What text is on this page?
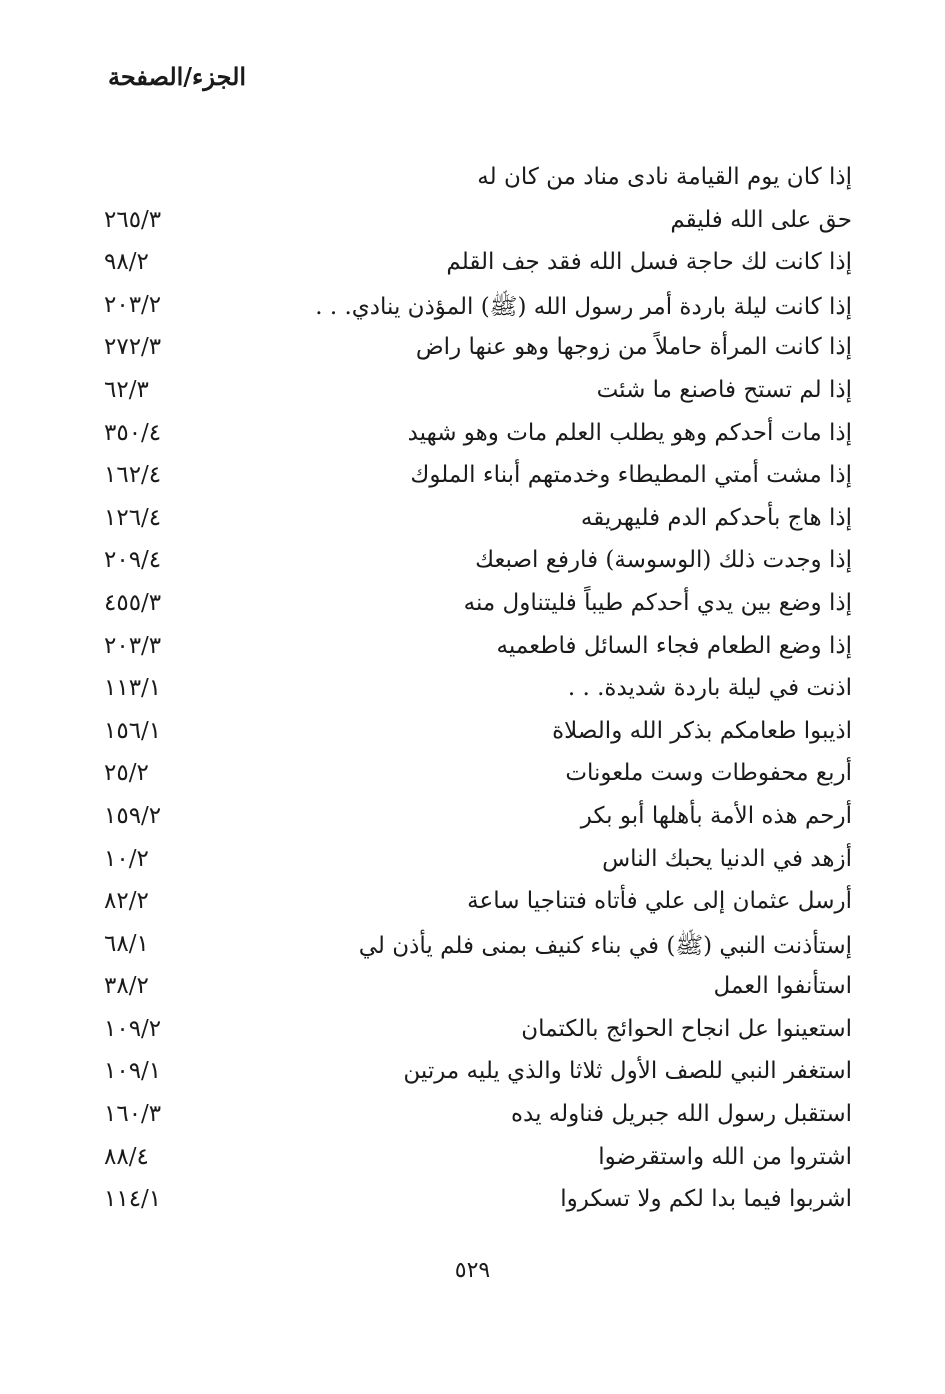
الجزء/الصفحة
إذا كان يوم القيامة نادى مناد من كان له
حق على الله فليقم
٢٦٥/٣
إذا كانت لك حاجة فسل الله فقد جف القلم
٩٨/٢
إذا كانت ليلة باردة أمر رسول الله (ﷺ) المؤذن ينادي. . .
٢٠٣/٢
إذا كانت المرأة حاملاً من زوجها وهو عنها راض
٢٧٢/٣
إذا لم تستح فاصنع ما شئت
٦٢/٣
إذا مات أحدكم وهو يطلب العلم مات وهو شهيد
٣٥٠/٤
إذا مشت أمتي المطيطاء وخدمتهم أبناء الملوك
١٦٢/٤
إذا هاج بأحدكم الدم فليهريقه
١٢٦/٤
إذا وجدت ذلك (الوسوسة) فارفع اصبعك
٢٠٩/٤
إذا وضع بين يدي أحدكم طيباً فليتناول منه
٤٥٥/٣
إذا وضع الطعام فجاء السائل فاطعميه
٢٠٣/٣
اذنت في ليلة باردة شديدة. . .
١١٣/١
اذيبوا طعامكم بذكر الله والصلاة
١٥٦/١
أربع محفوطات وست ملعونات
٢٥/٢
أرحم هذه الأمة بأهلها أبو بكر
١٥٩/٢
أزهد في الدنيا يحبك الناس
١٠/٢
أرسل عثمان إلى علي فأتاه فتناجيا ساعة
٨٢/٢
إستأذنت النبي (ﷺ) في بناء كنيف بمنى فلم يأذن لي
٦٨/١
استأنفوا العمل
٣٨/٢
استعينوا عل انجاح الحوائج بالكتمان
١٠٩/٢
استغفر النبي للصف الأول ثلاثا والذي يليه مرتين
١٠٩/١
استقبل رسول الله جبريل فناوله يده
١٦٠/٣
اشتروا من الله واستقرضوا
٨٨/٤
اشربوا فيما بدا لكم ولا تسكروا
١١٤/١
٥٢٩
